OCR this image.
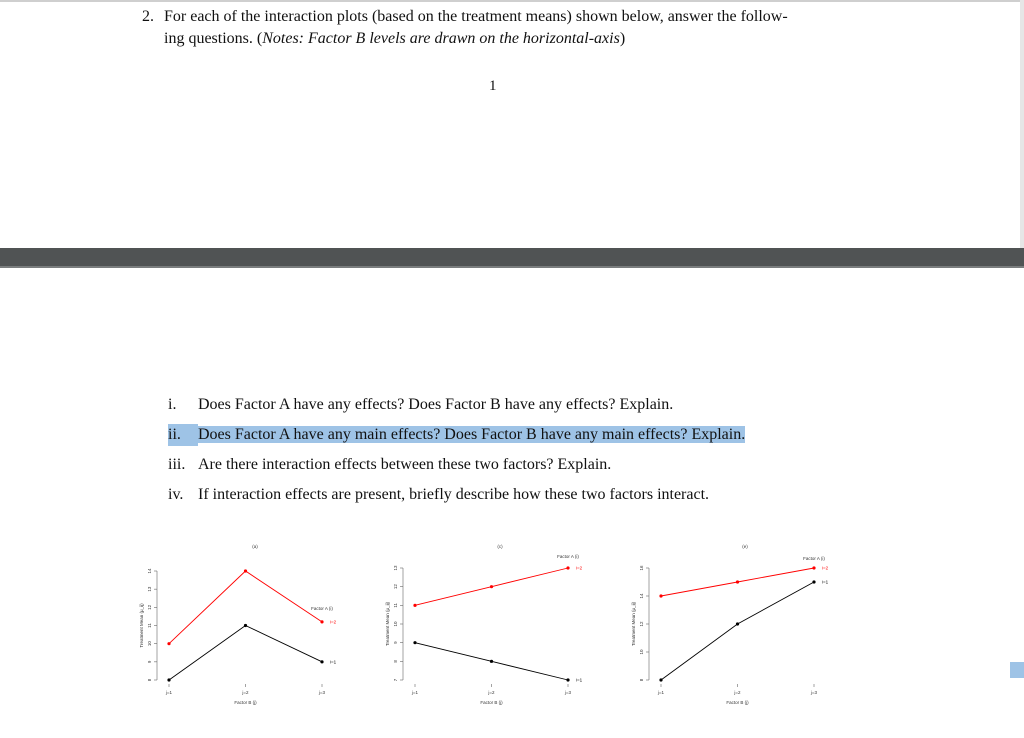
2. For each of the interaction plots (based on the treatment means) shown below, answer the follow-
ing questions. (Notes: Factor B levels are drawn on the horizontal-axis)
1
i. Does Factor A have any effects? Does Factor B have any effects? Explain.
ii. Does Factor A have any main effects? Does Factor B have any main effects? Explain.
iii. Are there interaction effects between these two factors? Explain.
iv. If interaction effects are present, briefly describe how these two factors interact.
(a)
8
9
10
11
12
13
14
Treatment Mean (μ_ij)
j=1	j=2	j=3
Factor B (j)
i=2
i=1
Factor A (i)
(c)
7
8
9
10
11
12
13
Treatment Mean (μ_ij)
j=1	j=2	j=3
Factor B (j)
i=2
i=1
Factor A (i)
(e)
8
10
12
14
16
Treatment Mean (μ_ij)
j=1	j=2	j=3
Factor B (j)
i=2
i=1
Factor A (i)
